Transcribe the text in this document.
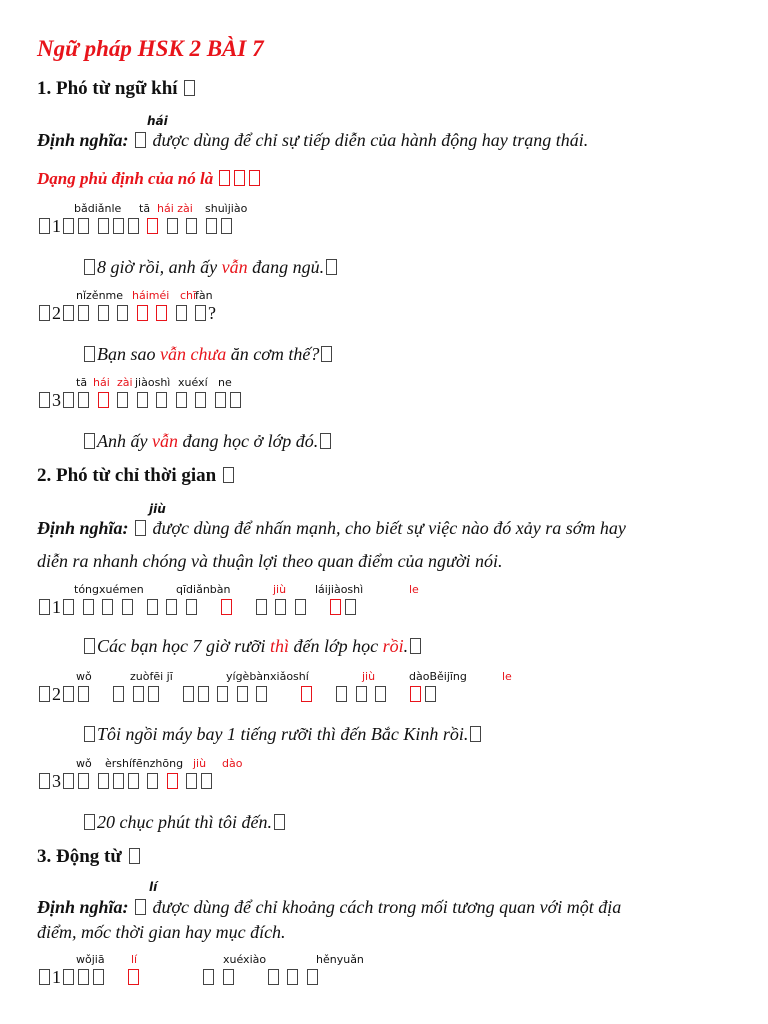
Ngữ pháp HSK 2 BÀI 7
1. Phó từ ngữ khí
hái
Định nghĩa: được dùng để chỉ sự tiếp diễn của hành động hay trạng thái.
Dạng phủ định của nó là
bǎdiǎnle tā hái zài shuìjiào
1
8 giờ rồi, anh ấy vẫn đang ngủ.
nǐzěnme háiméi chī
fàn
2	?
Bạn sao vẫn chưa ăn cơm thế?
tā hái zài jiàoshì xuéxí ne
3
Anh ấy vẫn đang học ở lớp đó.
2. Phó từ chỉ thời gian
jiù
Định nghĩa: được dùng để nhấn mạnh, cho biết sự việc nào đó xảy ra sớm hay
diễn ra nhanh chóng và thuận lợi theo quan điểm của người nói.
tóngxuémen	qīdiǎnbàn	jiù	láijiàoshì	le
1
Các bạn học 7 giờ rưỡi thì đến lớp học rồi.
wǒ	zuòfēi jī	yígèbànxiǎoshí	jiù	dàoBěijīng	le
2
Tôi ngồi máy bay 1 tiếng rưỡi thì đến Bắc Kinh rồi.
wǒ èrshífēnzhōng jiù dào
3
20 chục phút thì tôi đến.
3. Động từ
lí
Định nghĩa: được dùng để chỉ khoảng cách trong mối tương quan với một địa
điểm, mốc thời gian hay mục đích.
wǒjiā lí	xuéxiào	hěnyuǎn
1
